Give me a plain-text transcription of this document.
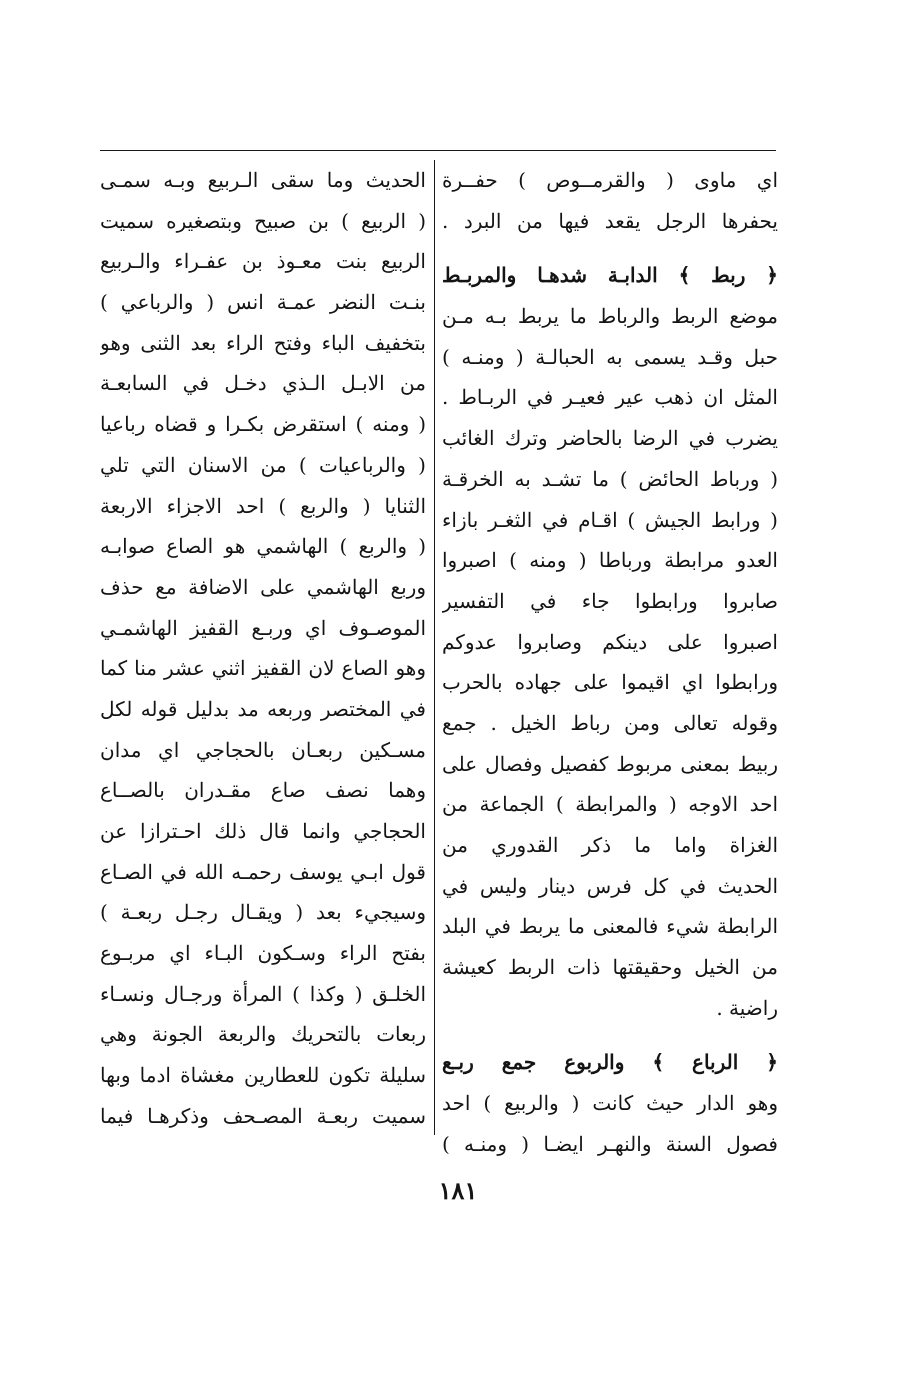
اي ماوى ( والقرمــوص ) حفــرة
يحفرها الرجل يقعد فيها من البرد .
﴿ ربط ﴾ الدابـة شدهـا والمربـط
موضع الربط والرباط ما يربط بـه مـن
حبل وقـد يسمى به الحبالـة ( ومنـه )
المثل ان ذهب عير فعيـر في الربـاط .
يضرب في الرضا بالحاضر وترك الغائب
( ورباط الحائض ) ما تشـد به الخرقـة
( ورابط الجيش ) اقـام في الثغـر بازاء
العدو مرابطة ورباطا ( ومنه ) اصبروا
صابروا ورابطوا جاء في التفسير
اصبروا على دينكم وصابروا عدوكم
ورابطوا اي اقيموا على جهاده بالحرب
وقوله تعالى ومن رباط الخيل . جمع
ربيط بمعنى مربوط كفصيل وفصال على
احد الاوجه ( والمرابطة ) الجماعة من
الغزاة واما ما ذكر القدوري من
الحديث في كل فرس دينار وليس في
الرابطة شيء فالمعنى ما يربط في البلد
من الخيل وحقيقتها ذات الربط كعيشة
راضية .
﴿ الرباع ﴾ والربوع جمع ربـع
وهو الدار حيث كانت ( والربيع ) احد
فصول السنة والنهـر ايضـا ( ومنـه )
الحديث وما سقى الـربيع وبـه سمـى
( الربيع ) بن صبيح وبتصغيره سميت
الربيع بنت معـوذ بن عفـراء والـربيع
بنـت النضر عمـة انس ( والرباعي )
بتخفيف الباء وفتح الراء بعد الثنى وهو
من الابـل الـذي دخـل في السابعـة
( ومنه ) استقرض بكـرا و قضاه رباعيا
( والرباعيات ) من الاسنان التي تلي
الثنايا ( والربع ) احد الاجزاء الاربعة
( والربع ) الهاشمي هو الصاع صوابـه
وربع الهاشمي على الاضافة مع حذف
الموصـوف اي وربـع القفيز الهاشمـي
وهو الصاع لان القفيز اثني عشر منا كما
في المختصر وربعه مد بدليل قوله لكل
مسـكين ربعـان بالحجاجي اي مدان
وهما نصف صاع مقـدران بالصــاع
الحجاجي وانما قال ذلك احـترازا عن
قول ابـي يوسف رحمـه الله في الصـاع
وسيجيء بعد ( ويقـال رجـل ربعـة )
بفتح الراء وسـكون البـاء اي مربـوع
الخلـق ( وكذا ) المرأة ورجـال ونسـاء
ربعات بالتحريك والربعة الجونة وهي
سليلة تكون للعطارين مغشاة ادما وبها
سميت ربعـة المصـحف وذكرهـا فيما
١٨١
